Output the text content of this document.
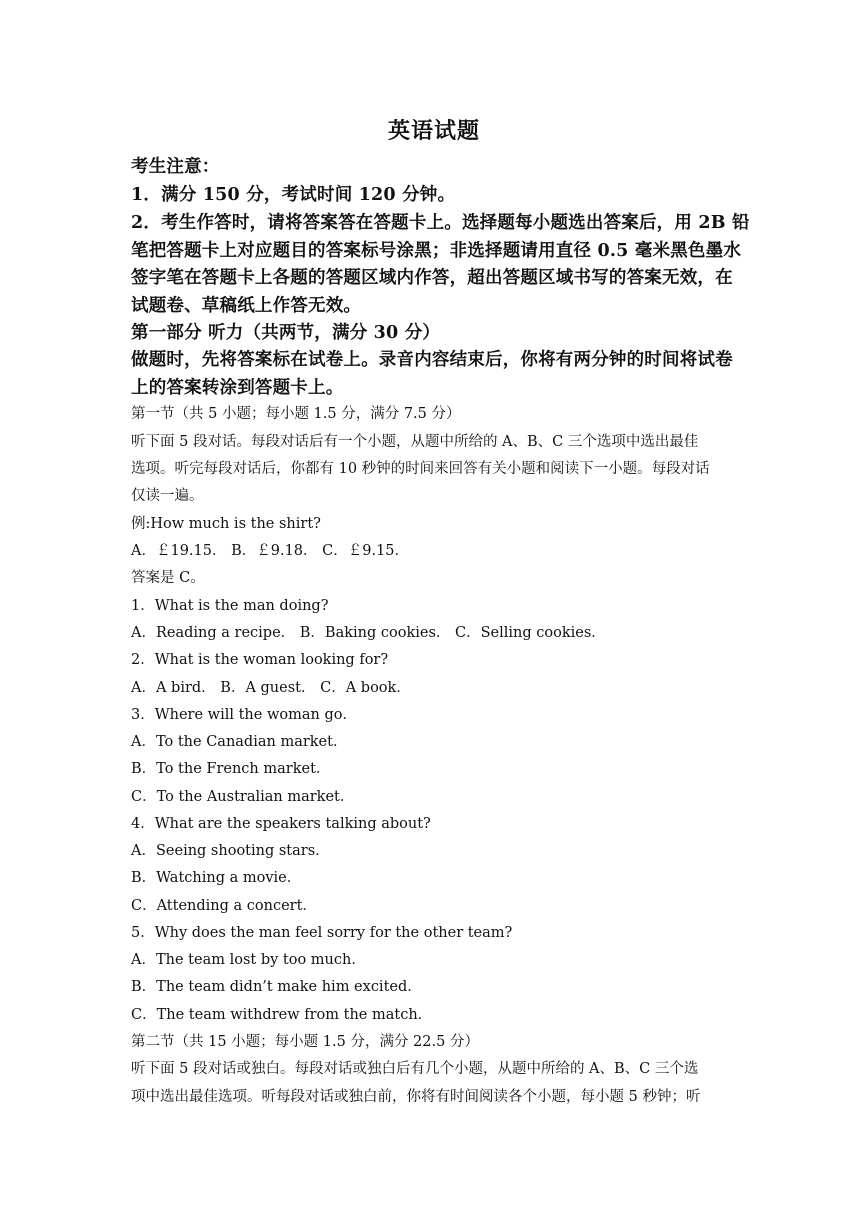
英语试题
考生注意：
1．满分 150 分，考试时间 120 分钟。
2．考生作答时，请将答案答在答题卡上。选择题每小题选出答案后，用 2B 铅
笔把答题卡上对应题目的答案标号涂黑；非选择题请用直径 0.5 毫米黑色墨水
签字笔在答题卡上各题的答题区域内作答，超出答题区域书写的答案无效，在
试题卷、草稿纸上作答无效。
第一部分 听力（共两节，满分 30 分）
做题时，先将答案标在试卷上。录音内容结束后，你将有两分钟的时间将试卷
上的答案转涂到答题卡上。
第一节（共 5 小题；每小题 1.5 分，满分 7.5 分）
听下面 5 段对话。每段对话后有一个小题，从题中所给的 A、B、C 三个选项中选出最佳
选项。听完每段对话后，你都有 10 秒钟的时间来回答有关小题和阅读下一小题。每段对话
仅读一遍。
例:How much is the shirt?
A．￡19.15． B．￡9.18． C．￡9.15．
答案是 C。
1．What is the man doing?
A．Reading a recipe． B．Baking cookies． C．Selling cookies．
2．What is the woman looking for?
A．A bird． B．A guest． C．A book．
3．Where will the woman go．
A．To the Canadian market．
B．To the French market．
C．To the Australian market．
4．What are the speakers talking about?
A．Seeing shooting stars．
B．Watching a movie．
C．Attending a concert．
5．Why does the man feel sorry for the other team?
A．The team lost by too much．
B．The team didn’t make him excited．
C．The team withdrew from the match．
第二节（共 15 小题；每小题 1.5 分，满分 22.5 分）
听下面 5 段对话或独白。每段对话或独白后有几个小题，从题中所给的 A、B、C 三个选
项中选出最佳选项。听每段对话或独白前，你将有时间阅读各个小题，每小题 5 秒钟；听
